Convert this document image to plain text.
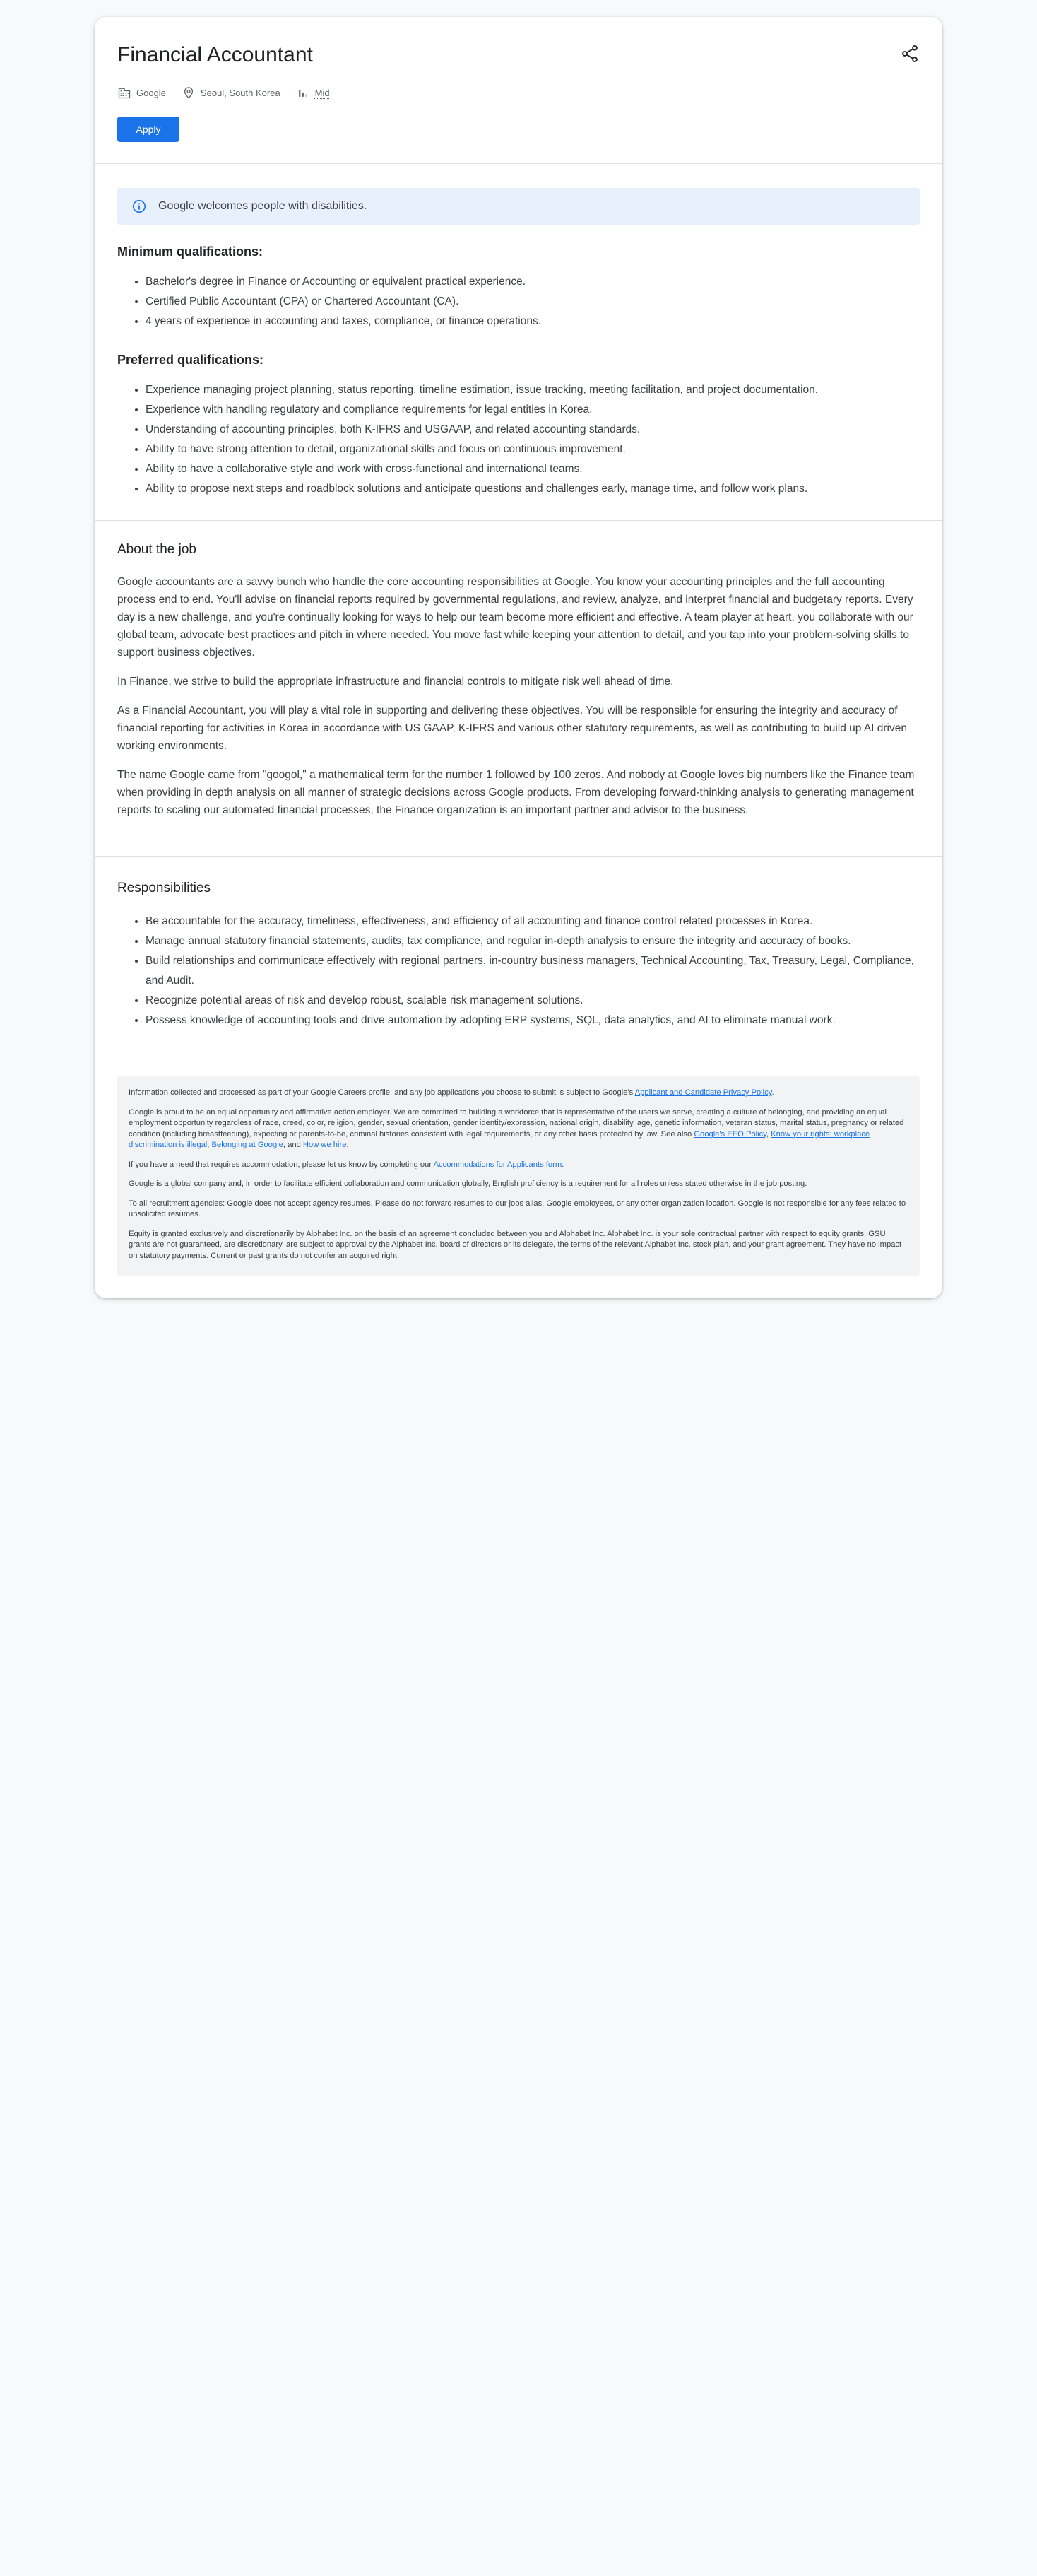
Financial Accountant
Google	Seoul, South Korea	Mid
Apply
Google welcomes people with disabilities.
Minimum qualifications:
• Bachelor's degree in Finance or Accounting or equivalent practical experience.
• Certified Public Accountant (CPA) or Chartered Accountant (CA).
• 4 years of experience in accounting and taxes, compliance, or finance operations.
Preferred qualifications:
• Experience managing project planning, status reporting, timeline estimation, issue tracking, meeting facilitation, and project documentation.
• Experience with handling regulatory and compliance requirements for legal entities in Korea.
• Understanding of accounting principles, both K-IFRS and USGAAP, and related accounting standards.
• Ability to have strong attention to detail, organizational skills and focus on continuous improvement.
• Ability to have a collaborative style and work with cross-functional and international teams.
• Ability to propose next steps and roadblock solutions and anticipate questions and challenges early, manage time, and follow work plans.
About the job

Google accountants are a savvy bunch who handle the core accounting responsibilities at Google. You know your accounting principles and the full accounting process end to end. You'll advise on financial reports required by governmental regulations, and review, analyze, and interpret financial and budgetary reports. Every day is a new challenge, and you're continually looking for ways to help our team become more efficient and effective. A team player at heart, you collaborate with our global team, advocate best practices and pitch in where needed. You move fast while keeping your attention to detail, and you tap into your problem-solving skills to support business objectives.

In Finance, we strive to build the appropriate infrastructure and financial controls to mitigate risk well ahead of time.

As a Financial Accountant, you will play a vital role in supporting and delivering these objectives. You will be responsible for ensuring the integrity and accuracy of financial reporting for activities in Korea in accordance with US GAAP, K-IFRS and various other statutory requirements, as well as contributing to build up AI driven working environments.

The name Google came from "googol," a mathematical term for the number 1 followed by 100 zeros. And nobody at Google loves big numbers like the Finance team when providing in depth analysis on all manner of strategic decisions across Google products. From developing forward-thinking analysis to generating management reports to scaling our automated financial processes, the Finance organization is an important partner and advisor to the business.

Responsibilities
• Be accountable for the accuracy, timeliness, effectiveness, and efficiency of all accounting and finance control related processes in Korea.
• Manage annual statutory financial statements, audits, tax compliance, and regular in-depth analysis to ensure the integrity and accuracy of books.
• Build relationships and communicate effectively with regional partners, in-country business managers, Technical Accounting, Tax, Treasury, Legal, Compliance, and Audit.
• Recognize potential areas of risk and develop robust, scalable risk management solutions.
• Possess knowledge of accounting tools and drive automation by adopting ERP systems, SQL, data analytics, and AI to eliminate manual work.

Information collected and processed as part of your Google Careers profile, and any job applications you choose to submit is subject to Google's Applicant and Candidate Privacy Policy.

Google is proud to be an equal opportunity and affirmative action employer. We are committed to building a workforce that is representative of the users we serve, creating a culture of belonging, and providing an equal employment opportunity regardless of race, creed, color, religion, gender, sexual orientation, gender identity/expression, national origin, disability, age, genetic information, veteran status, marital status, pregnancy or related condition (including breastfeeding), expecting or parents-to-be, criminal histories consistent with legal requirements, or any other basis protected by law. See also Google's EEO Policy, Know your rights: workplace discrimination is illegal, Belonging at Google, and How we hire.

If you have a need that requires accommodation, please let us know by completing our Accommodations for Applicants form.

Google is a global company and, in order to facilitate efficient collaboration and communication globally, English proficiency is a requirement for all roles unless stated otherwise in the job posting.

To all recruitment agencies: Google does not accept agency resumes. Please do not forward resumes to our jobs alias, Google employees, or any other organization location. Google is not responsible for any fees related to unsolicited resumes.

Equity is granted exclusively and discretionarily by Alphabet Inc. on the basis of an agreement concluded between you and Alphabet Inc. Alphabet Inc. is your sole contractual partner with respect to equity grants. GSU grants are not guaranteed, are discretionary, are subject to approval by the Alphabet Inc. board of directors or its delegate, the terms of the relevant Alphabet Inc. stock plan, and your grant agreement. They have no impact on statutory payments. Current or past grants do not confer an acquired right.
